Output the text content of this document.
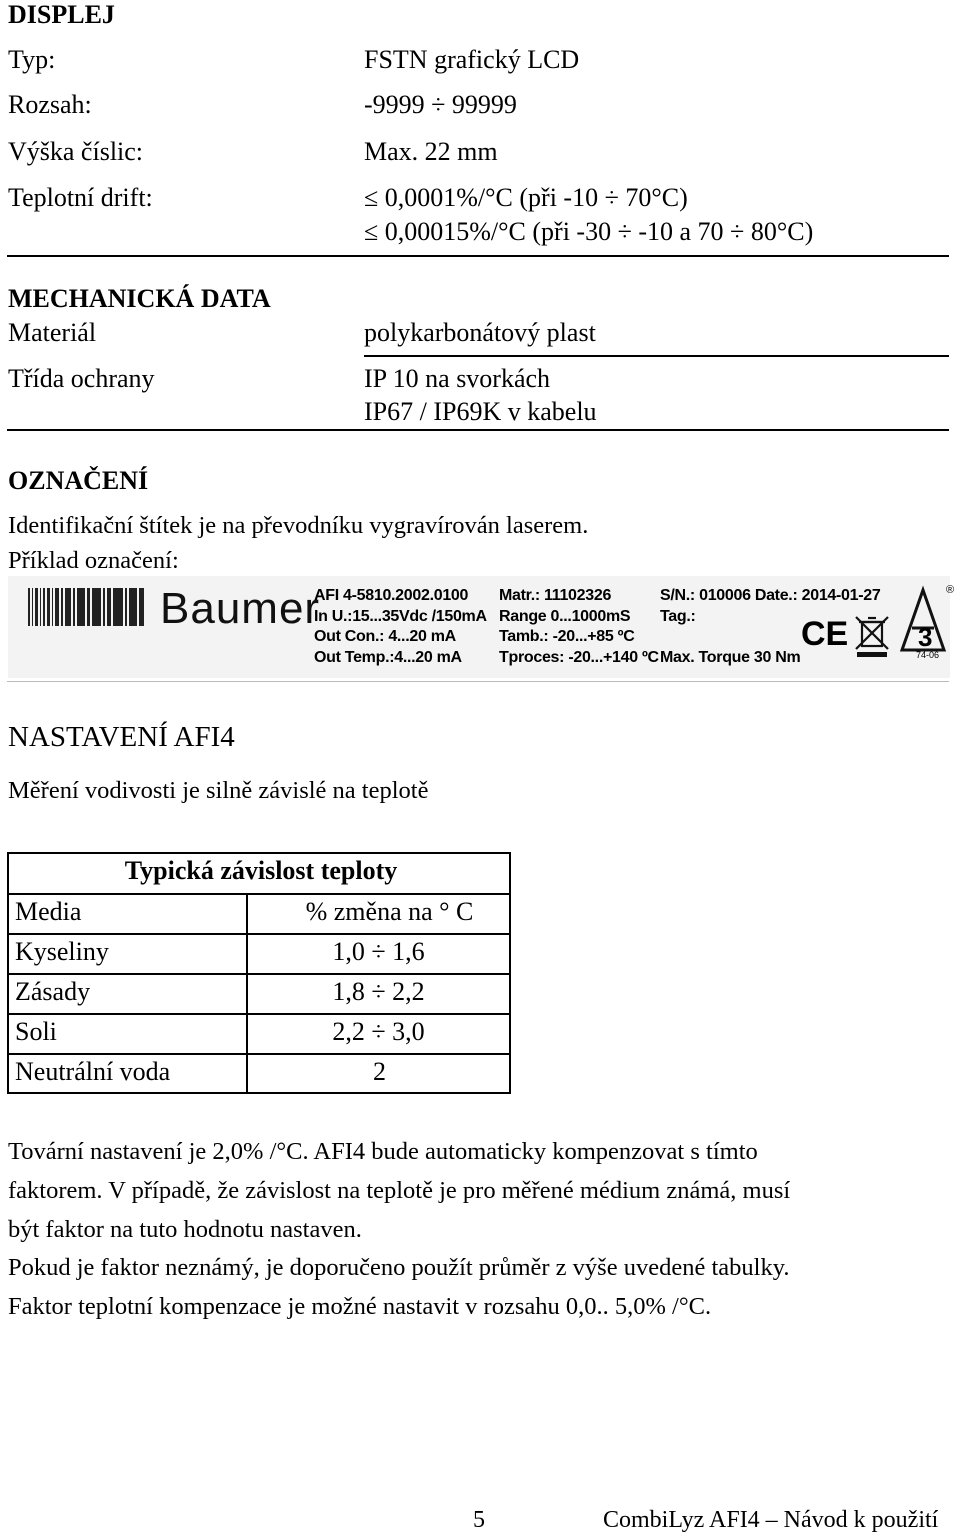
DISPLEJ
Typ:	FSTN grafický LCD
Rozsah:	-9999 ÷ 99999
Výška číslic:	Max. 22 mm
Teplotní drift:	≤ 0,0001%/°C (při -10 ÷ 70°C)
≤ 0,00015%/°C (při -30 ÷ -10 a 70 ÷ 80°C)
MECHANICKÁ DATA
Materiál	polykarbonátový plast
Třída ochrany	IP 10 na svorkách
IP67 / IP69K v kabelu
OZNAČENÍ
Identifikační štítek je na převodníku vygravírován laserem.
Příklad označení:
Baumer
AFI 4-5810.2002.0100
In U.:15...35Vdc /150mA
Out Con.: 4...20 mA
Out Temp.:4...20 mA
Matr.: 11102326
Range 0...1000mS
Tamb.: -20...+85 ºC
Tproces: -20...+140 ºC
S/N.: 010006 Date.: 2014-01-27
Tag.:
Max. Torque 30 Nm
CE	3
74-06
®
NASTAVENÍ AFI4
Měření vodivosti je silně závislé na teplotě
Typická závislost teploty
Media	% změna na ° C
Kyseliny	1,0 ÷ 1,6
Zásady	1,8 ÷ 2,2
Soli	2,2 ÷ 3,0
Neutrální voda	2
Tovární nastavení je 2,0% /°C. AFI4 bude automaticky kompenzovat s tímto
faktorem. V případě, že závislost na teplotě je pro měřené médium známá, musí
být faktor na tuto hodnotu nastaven.
Pokud je faktor neznámý, je doporučeno použít průměr z výše uvedené tabulky.
Faktor teplotní kompenzace je možné nastavit v rozsahu 0,0.. 5,0% /°C.
5	CombiLyz AFI4 – Návod k použití
